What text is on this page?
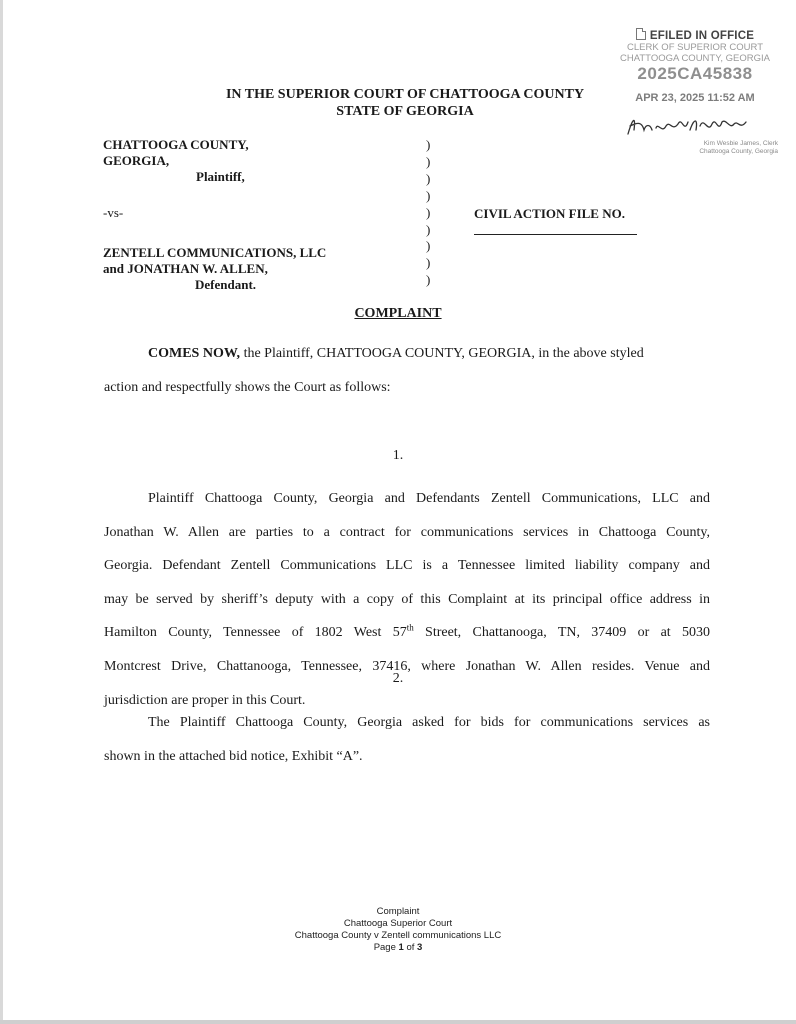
EFILED IN OFFICE
CLERK OF SUPERIOR COURT
CHATTOOGA COUNTY, GEORGIA
2025CA45838
APR 23, 2025 11:52 AM
Kim Wesbie James, Clerk
Chattooga County, Georgia
IN THE SUPERIOR COURT OF CHATTOOGA COUNTY
STATE OF GEORGIA
CHATTOOGA COUNTY,
GEORGIA,
Plaintiff,
-vs-
ZENTELL COMMUNICATIONS, LLC
and JONATHAN W. ALLEN,
Defendant.
)
)
)
)
)
)
)
)
)
CIVIL ACTION FILE NO.
COMPLAINT
COMES NOW, the Plaintiff, CHATTOOGA COUNTY, GEORGIA, in the above styled
action and respectfully shows the Court as follows:
1.
Plaintiff Chattooga County, Georgia and Defendants Zentell Communications, LLC and
Jonathan W. Allen are parties to a contract for communications services in Chattooga County,
Georgia. Defendant Zentell Communications LLC is a Tennessee limited liability company and
may be served by sheriff’s deputy with a copy of this Complaint at its principal office address in
Hamilton County, Tennessee of 1802 West 57th Street, Chattanooga, TN, 37409 or at 5030
Montcrest Drive, Chattanooga, Tennessee, 37416, where Jonathan W. Allen resides. Venue and
jurisdiction are proper in this Court.
2.
The Plaintiff Chattooga County, Georgia asked for bids for communications services as
shown in the attached bid notice, Exhibit “A”.
Complaint
Chattooga Superior Court
Chattooga County v Zentell communications LLC
Page 1 of 3
